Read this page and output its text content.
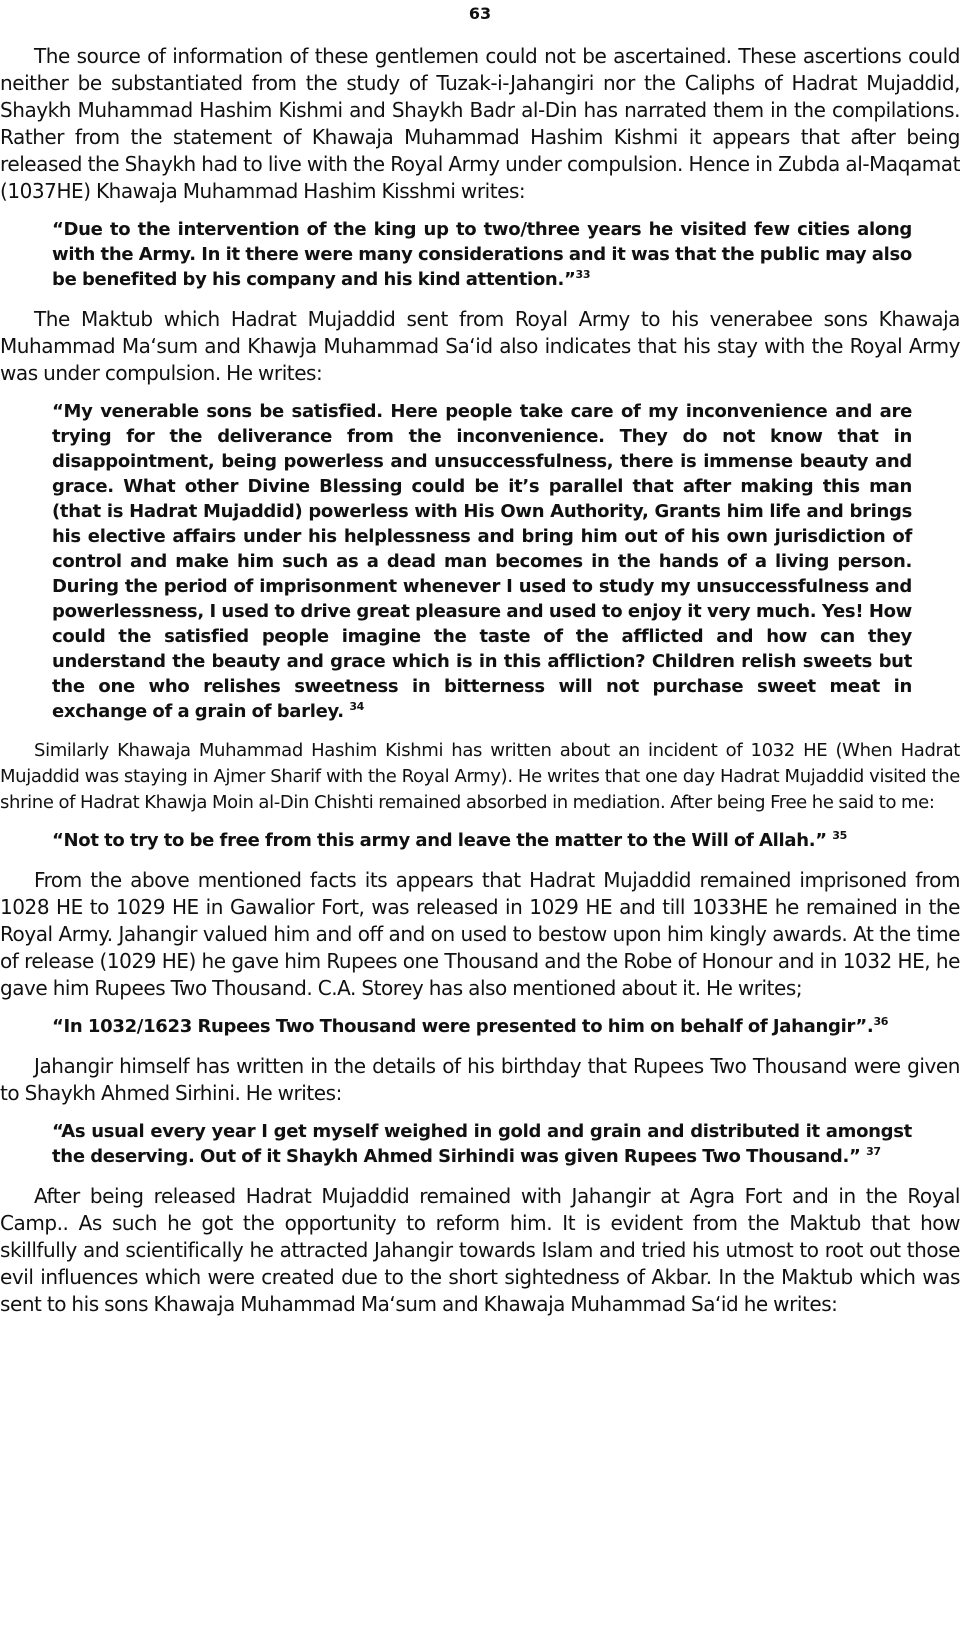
63

The source of information of these gentlemen could not be ascertained. These ascertions could neither be substantiated from the study of Tuzak-i-Jahangiri nor the Caliphs of Hadrat Mujaddid, Shaykh Muhammad Hashim Kishmi and Shaykh Badr al-Din has narrated them in the compilations. Rather from the statement of Khawaja Muhammad Hashim Kishmi it appears that after being released the Shaykh had to live with the Royal Army under compulsion. Hence in Zubda al-Maqamat (1037HE) Khawaja Muhammad Hashim Kisshmi writes:

“Due to the intervention of the king up to two/three years he visited few cities along with the Army. In it there were many considerations and it was that the public may also be benefited by his company and his kind attention.”$^{33}$

The Maktub which Hadrat Mujaddid sent from Royal Army to his venerabee sons Khawaja Muhammad Ma‘sum and Khawja Muhammad Sa‘id also indicates that his stay with the Royal Army was under compulsion. He writes:

“My venerable sons be satisfied. Here people take care of my inconvenience and are trying for the deliverance from the inconvenience. They do not know that in disappointment, being powerless and unsuccessfulness, there is immense beauty and grace. What other Divine Blessing could be it’s parallel that after making this man (that is Hadrat Mujaddid) powerless with His Own Authority, Grants him life and brings his elective affairs under his helplessness and bring him out of his own jurisdiction of control and make him such as a dead man becomes in the hands of a living person. During the period of imprisonment whenever I used to study my unsuccessfulness and powerlessness, I used to drive great pleasure and used to enjoy it very much. Yes! How could the satisfied people imagine the taste of the afflicted and how can they understand the beauty and grace which is in this affliction? Children relish sweets but the one who relishes sweetness in bitterness will not purchase sweet meat in exchange of a grain of barley. $^{34}$

Similarly Khawaja Muhammad Hashim Kishmi has written about an incident of 1032 HE (When Hadrat Mujaddid was staying in Ajmer Sharif with the Royal Army). He writes that one day Hadrat Mujaddid visited the shrine of Hadrat Khawja Moin al-Din Chishti remained absorbed in mediation. After being Free he said to me:

“Not to try to be free from this army and leave the matter to the Will of Allah.” $^{35}$

From the above mentioned facts its appears that Hadrat Mujaddid remained imprisoned from 1028 HE to 1029 HE in Gawalior Fort, was released in 1029 HE and till 1033HE he remained in the Royal Army. Jahangir valued him and off and on used to bestow upon him kingly awards. At the time of release (1029 HE) he gave him Rupees one Thousand and the Robe of Honour and in 1032 HE, he gave him Rupees Two Thousand. C.A. Storey has also mentioned about it. He writes;

“In 1032/1623 Rupees Two Thousand were presented to him on behalf of Jahangir”.$^{36}$

Jahangir himself has written in the details of his birthday that Rupees Two Thousand were given to Shaykh Ahmed Sirhini. He writes:

“As usual every year I get myself weighed in gold and grain and distributed it amongst the deserving. Out of it Shaykh Ahmed Sirhindi was given Rupees Two Thousand.” $^{37}$

After being released Hadrat Mujaddid remained with Jahangir at Agra Fort and in the Royal Camp.. As such he got the opportunity to reform him. It is evident from the Maktub that how skillfully and scientifically he attracted Jahangir towards Islam and tried his utmost to root out those evil influences which were created due to the short sightedness of Akbar. In the Maktub which was sent to his sons Khawaja Muhammad Ma‘sum and Khawaja Muhammad Sa‘id he writes:
